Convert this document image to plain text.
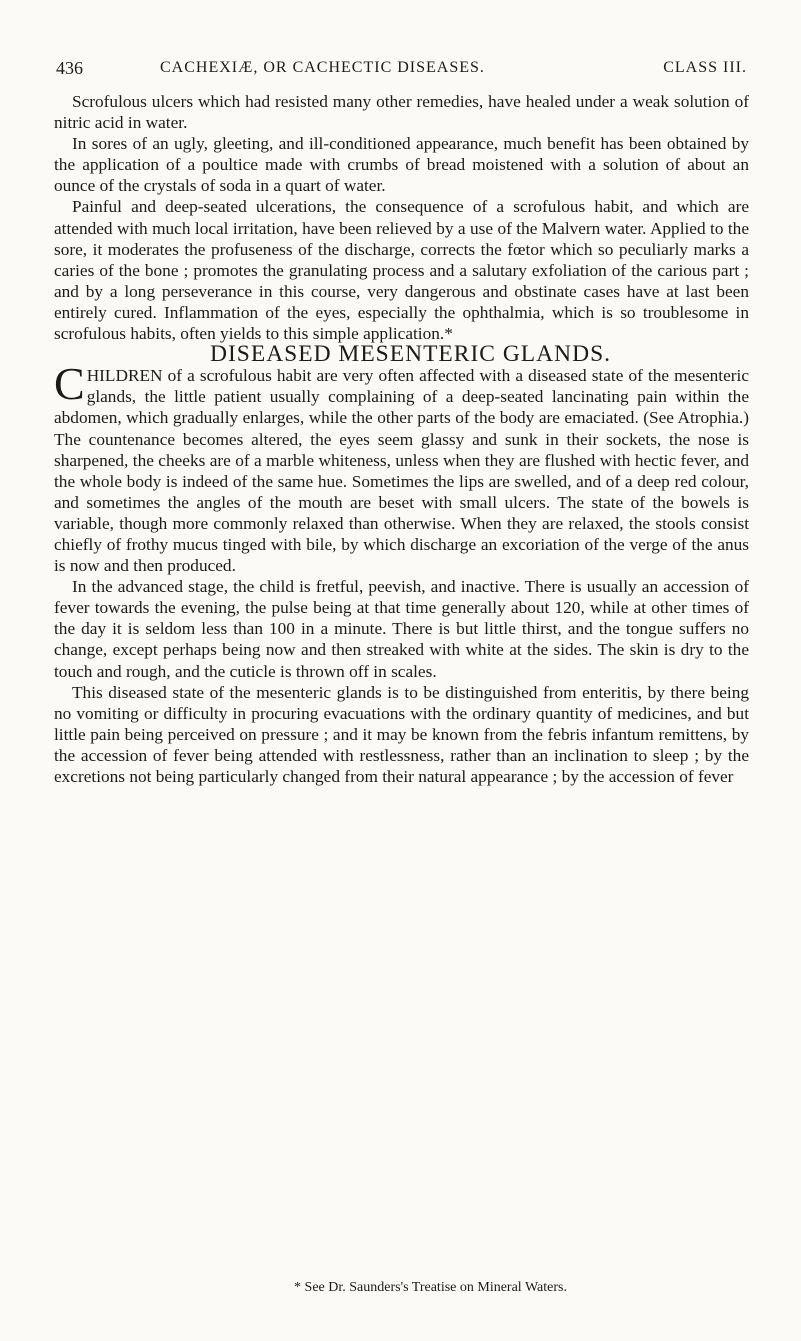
436	CACHEXIÆ, OR CACHECTIC DISEASES.	CLASS III.

Scrofulous ulcers which had resisted many other remedies, have healed under a weak solution of nitric acid in water.

In sores of an ugly, gleeting, and ill-conditioned appearance, much benefit has been obtained by the application of a poultice made with crumbs of bread moistened with a solution of about an ounce of the crystals of soda in a quart of water.

Painful and deep-seated ulcerations, the consequence of a scrofulous habit, and which are attended with much local irritation, have been relieved by a use of the Malvern water. Applied to the sore, it moderates the profuseness of the discharge, corrects the fœtor which so peculiarly marks a caries of the bone ; promotes the granulating process and a salutary exfoliation of the carious part ; and by a long perseverance in this course, very dangerous and obstinate cases have at last been entirely cured. Inflammation of the eyes, especially the ophthalmia, which is so troublesome in scrofulous habits, often yields to this simple application.*

DISEASED MESENTERIC GLANDS.

CHILDREN of a scrofulous habit are very often affected with a diseased state of the mesenteric glands, the little patient usually complaining of a deep-seated lancinating pain within the abdomen, which gradually enlarges, while the other parts of the body are emaciated. (See Atrophia.) The countenance becomes altered, the eyes seem glassy and sunk in their sockets, the nose is sharpened, the cheeks are of a marble whiteness, unless when they are flushed with hectic fever, and the whole body is indeed of the same hue. Sometimes the lips are swelled, and of a deep red colour, and sometimes the angles of the mouth are beset with small ulcers. The state of the bowels is variable, though more commonly relaxed than otherwise. When they are relaxed, the stools consist chiefly of frothy mucus tinged with bile, by which discharge an excoriation of the verge of the anus is now and then produced.

In the advanced stage, the child is fretful, peevish, and inactive. There is usually an accession of fever towards the evening, the pulse being at that time generally about 120, while at other times of the day it is seldom less than 100 in a minute. There is but little thirst, and the tongue suffers no change, except perhaps being now and then streaked with white at the sides. The skin is dry to the touch and rough, and the cuticle is thrown off in scales.

This diseased state of the mesenteric glands is to be distinguished from enteritis, by there being no vomiting or difficulty in procuring evacuations with the ordinary quantity of medicines, and but little pain being perceived on pressure ; and it may be known from the febris infantum remittens, by the accession of fever being attended with restlessness, rather than an inclination to sleep ; by the excretions not being particularly changed from their natural appearance ; by the accession of fever

* See Dr. Saunders's Treatise on Mineral Waters.
